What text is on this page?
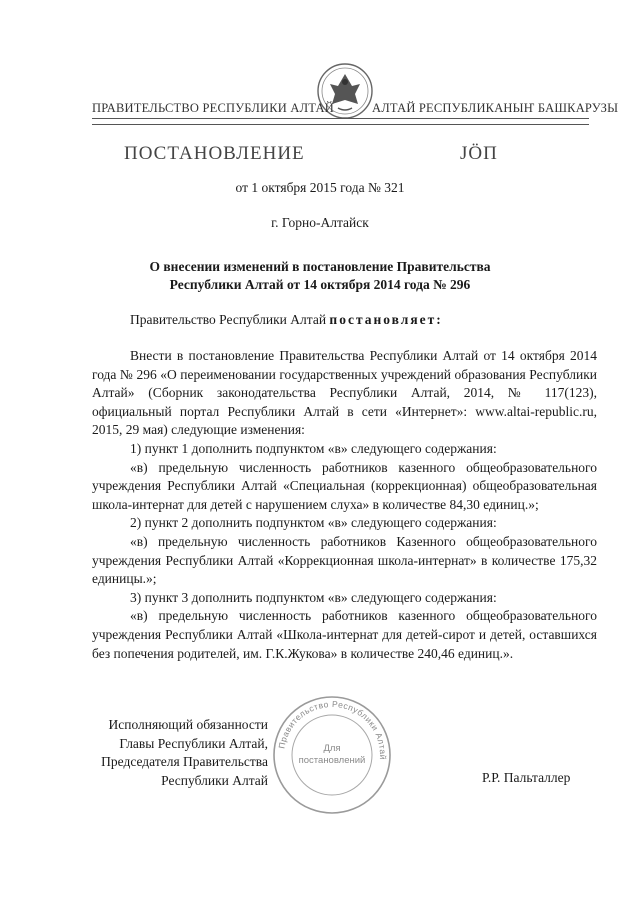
ПРАВИТЕЛЬСТВО РЕСПУБЛИКИ АЛТАЙ	АЛТАЙ РЕСПУБЛИКАНЫҤ БАШКАРУЗЫ
ПОСТАНОВЛЕНИЕ	ЈӦП
от 1 октября 2015 года № 321
г. Горно-Алтайск
О внесении изменений в постановление Правительства
Республики Алтай от 14 октября 2014 года № 296
Правительство Республики Алтай постановляет:

Внести в постановление Правительства Республики Алтай от 14 октября 2014 года № 296 «О переименовании государственных учреждений образования Республики Алтай» (Сборник законодательства Республики Алтай, 2014, № 117(123), официальный портал Республики Алтай в сети «Интернет»: www.altai-republic.ru, 2015, 29 мая) следующие изменения:

1) пункт 1 дополнить подпунктом «в» следующего содержания:

«в) предельную численность работников казенного общеобразовательного учреждения Республики Алтай «Специальная (коррекционная) общеобразовательная школа-интернат для детей с нарушением слуха» в количестве 84,30 единиц.»;

2) пункт 2 дополнить подпунктом «в» следующего содержания:

«в) предельную численность работников Казенного общеобразовательного учреждения Республики Алтай «Коррекционная школа-интернат» в количестве 175,32 единицы.»;

3) пункт 3 дополнить подпунктом «в» следующего содержания:

«в) предельную численность работников казенного общеобразовательного учреждения Республики Алтай «Школа-интернат для детей-сирот и детей, оставшихся без попечения родителей, им. Г.К.Жукова» в количестве 240,46 единиц.».

Исполняющий обязанности
Главы Республики Алтай,
Председателя Правительства
Республики Алтай
Правительство Республики Алтай
Для
постановлений
Р.Р. Пальталлер
